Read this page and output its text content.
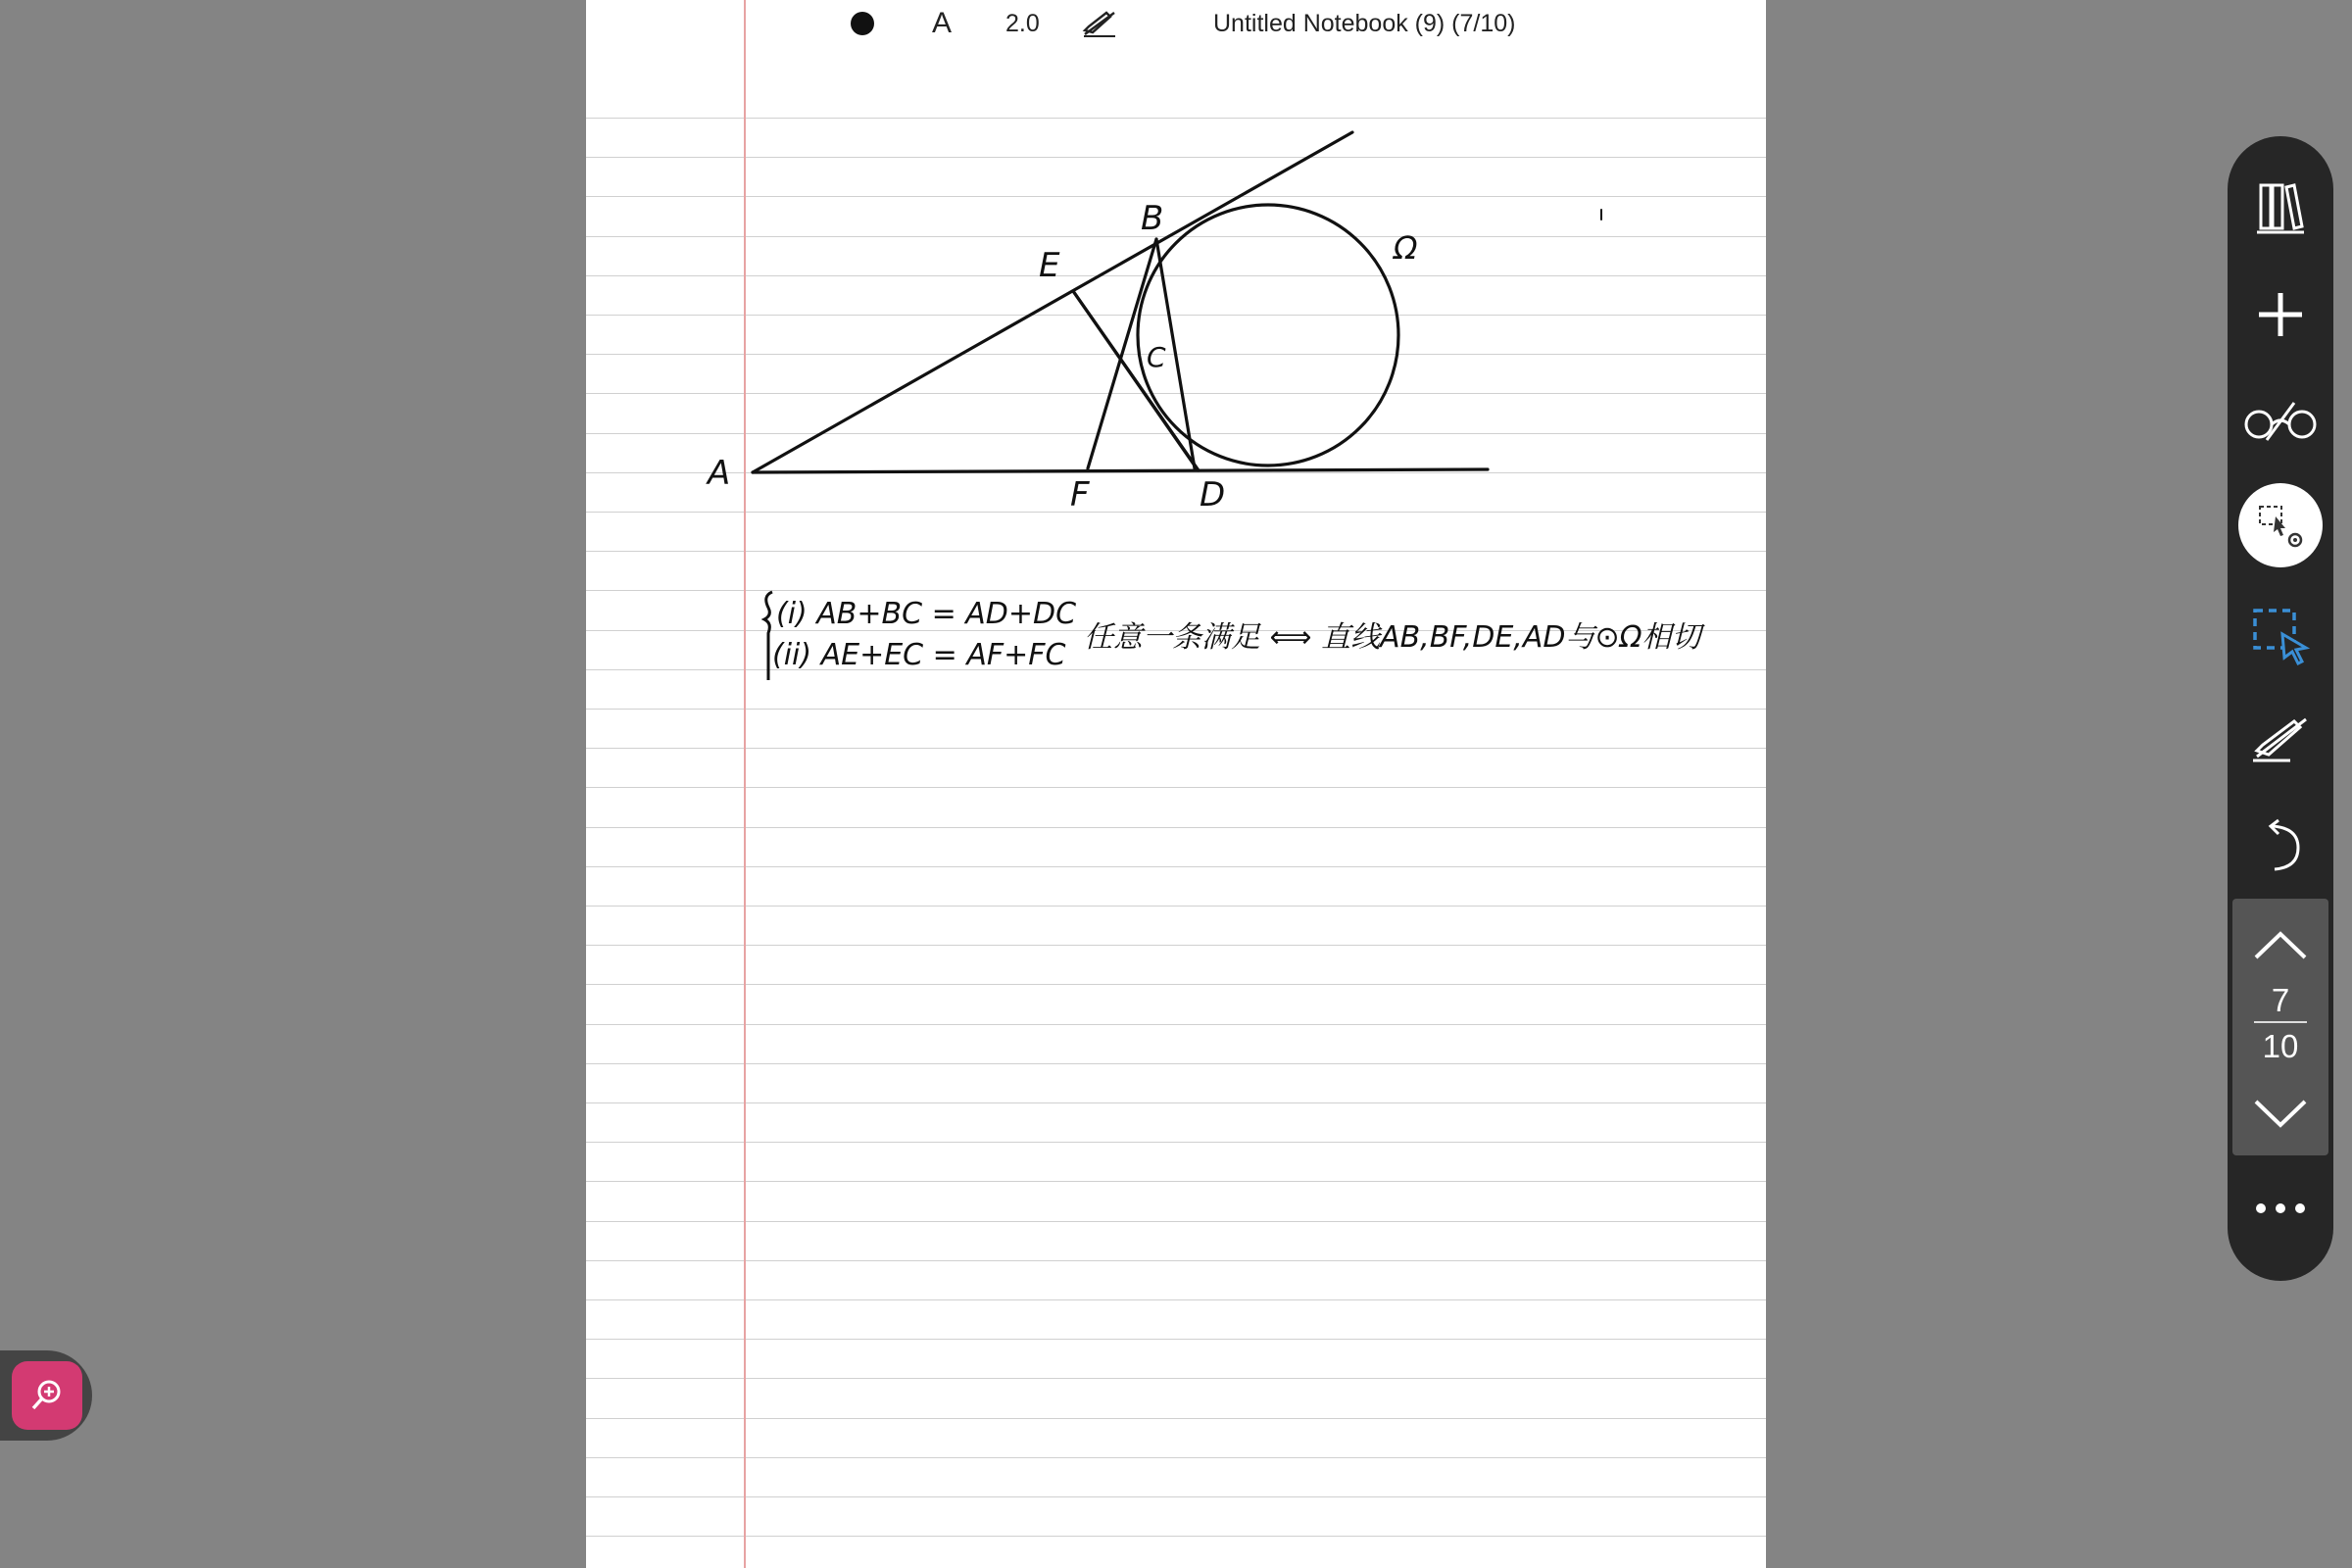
A 2.0	Untitled Notebook (9) (7/10)
A
B
C
D
E
F
Ω
(i) AB+BC = AD+DC
(ii) AE+EC = AF+FC
任意一条满足 ⟺ 直线AB,BF,DE,AD与⊙Ω相切
7
10
